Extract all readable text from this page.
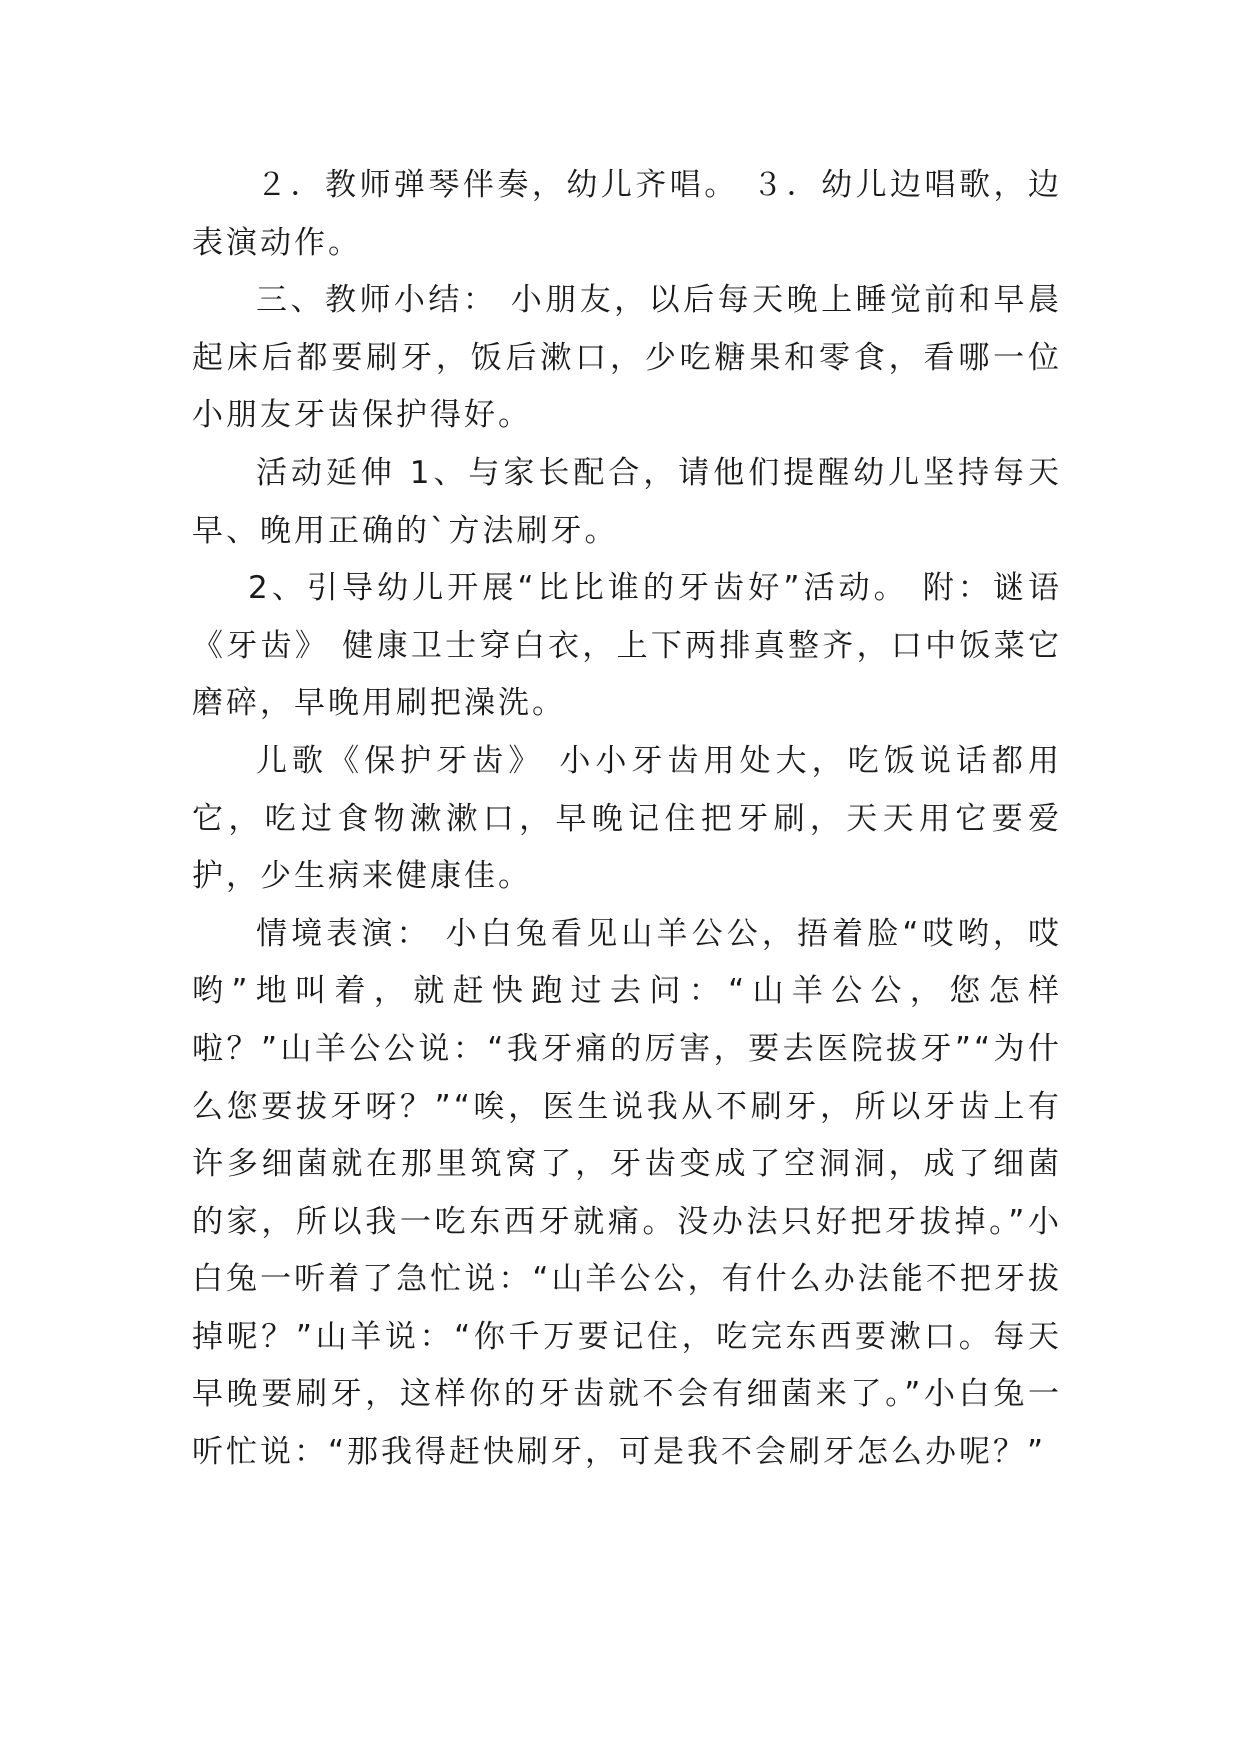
２．教师弹琴伴奏，幼儿齐唱。 ３．幼儿边唱歌，边表演动作。

三、教师小结： 小朋友，以后每天晚上睡觉前和早晨起床后都要刷牙，饭后漱口，少吃糖果和零食，看哪一位小朋友牙齿保护得好。

活动延伸 1、与家长配合，请他们提醒幼儿坚持每天早、晚用正确的`方法刷牙。

2、引导幼儿开展“比比谁的牙齿好”活动。 附：谜语《牙齿》 健康卫士穿白衣，上下两排真整齐，口中饭菜它磨碎，早晚用刷把澡洗。

儿歌《保护牙齿》 小小牙齿用处大，吃饭说话都用它，吃过食物漱漱口，早晚记住把牙刷，天天用它要爱护，少生病来健康佳。

情境表演： 小白兔看见山羊公公，捂着脸“哎哟，哎哟”地叫着，就赶快跑过去问：“山羊公公，您怎样啦？”山羊公公说：“我牙痛的厉害，要去医院拔牙”“为什么您要拔牙呀？”“唉，医生说我从不刷牙，所以牙齿上有许多细菌就在那里筑窝了，牙齿变成了空洞洞，成了细菌的家，所以我一吃东西牙就痛。没办法只好把牙拔掉。”小白兔一听着了急忙说：“山羊公公，有什么办法能不把牙拔掉呢？”山羊说：“你千万要记住，吃完东西要漱口。每天早晚要刷牙，这样你的牙齿就不会有细菌来了。”小白兔一听忙说：“那我得赶快刷牙，可是我不会刷牙怎么办呢？”
